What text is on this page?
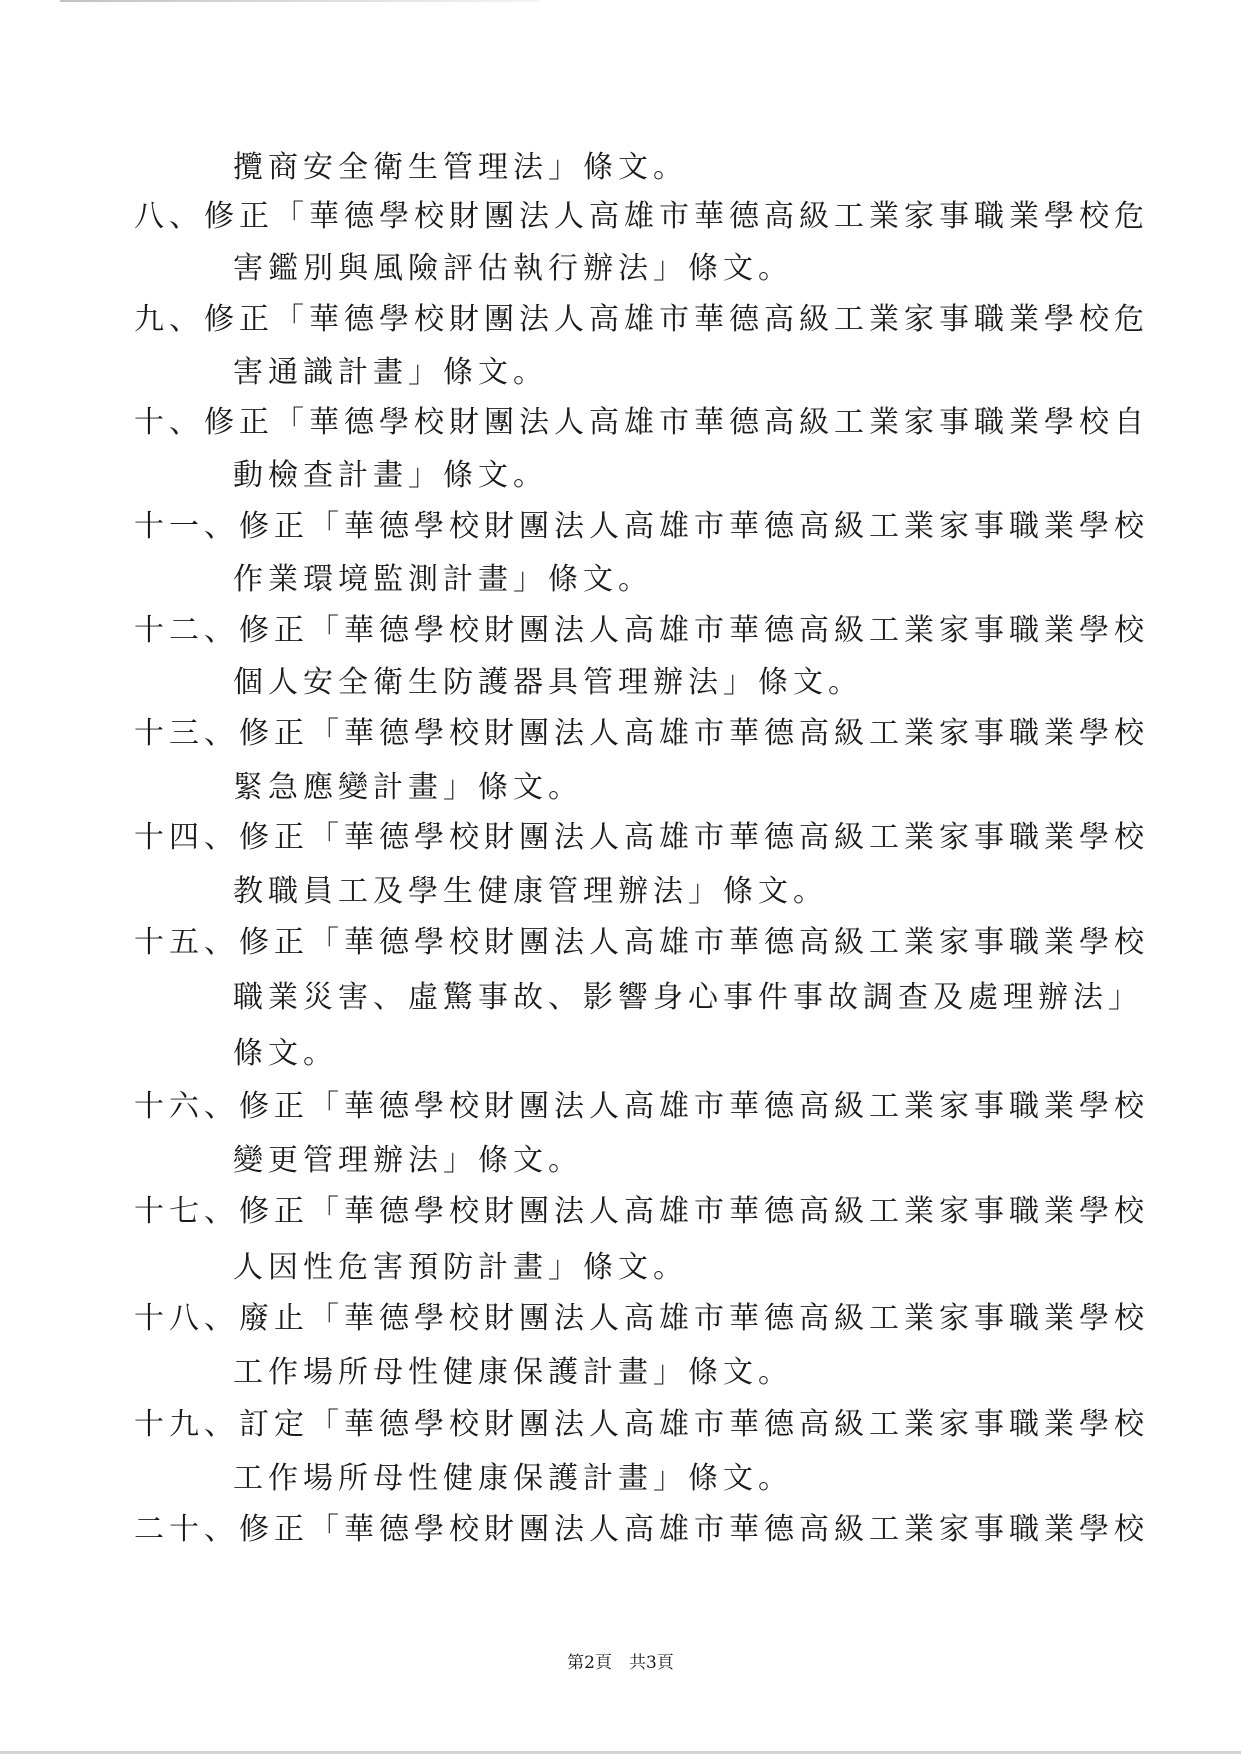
攬商安全衛生管理法」條文。
八、修正「華德學校財團法人高雄市華德高級工業家事職業學校危
害鑑別與風險評估執行辦法」條文。
九、修正「華德學校財團法人高雄市華德高級工業家事職業學校危
害通識計畫」條文。
十、修正「華德學校財團法人高雄市華德高級工業家事職業學校自
動檢查計畫」條文。
十一、修正「華德學校財團法人高雄市華德高級工業家事職業學校
作業環境監測計畫」條文。
十二、修正「華德學校財團法人高雄市華德高級工業家事職業學校
個人安全衛生防護器具管理辦法」條文。
十三、修正「華德學校財團法人高雄市華德高級工業家事職業學校
緊急應變計畫」條文。
十四、修正「華德學校財團法人高雄市華德高級工業家事職業學校
教職員工及學生健康管理辦法」條文。
十五、修正「華德學校財團法人高雄市華德高級工業家事職業學校
職業災害、虛驚事故、影響身心事件事故調查及處理辦法」
條文。
十六、修正「華德學校財團法人高雄市華德高級工業家事職業學校
變更管理辦法」條文。
十七、修正「華德學校財團法人高雄市華德高級工業家事職業學校
人因性危害預防計畫」條文。
十八、廢止「華德學校財團法人高雄市華德高級工業家事職業學校
工作場所母性健康保護計畫」條文。
十九、訂定「華德學校財團法人高雄市華德高級工業家事職業學校
工作場所母性健康保護計畫」條文。
二十、修正「華德學校財團法人高雄市華德高級工業家事職業學校
第2頁　共3頁
